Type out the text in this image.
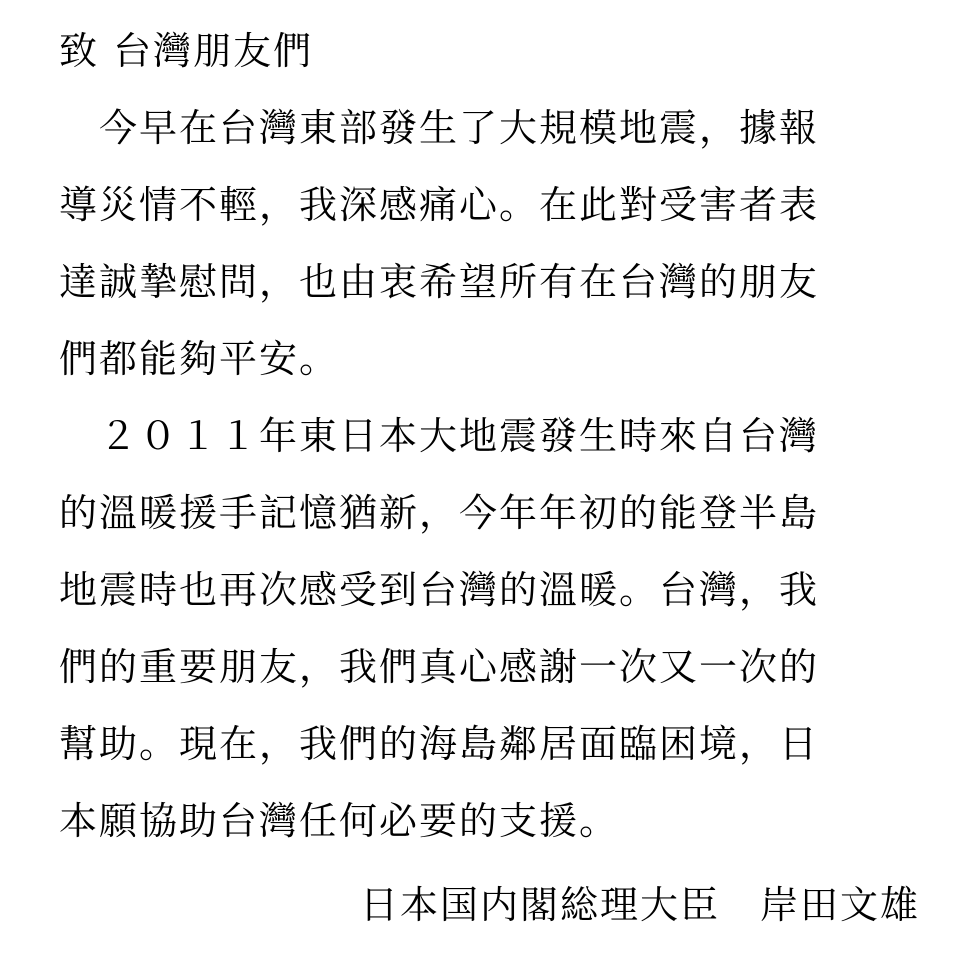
致 台灣朋友們
　今早在台灣東部發生了大規模地震，據報
導災情不輕，我深感痛心。在此對受害者表
達誠摯慰問，也由衷希望所有在台灣的朋友
們都能夠平安。
　２０１１年東日本大地震發生時來自台灣
的溫暖援手記憶猶新，今年年初的能登半島
地震時也再次感受到台灣的溫暖。台灣，我
們的重要朋友，我們真心感謝一次又一次的
幫助。現在，我們的海島鄰居面臨困境，日
本願協助台灣任何必要的支援。
日本国内閣総理大臣　岸田文雄
